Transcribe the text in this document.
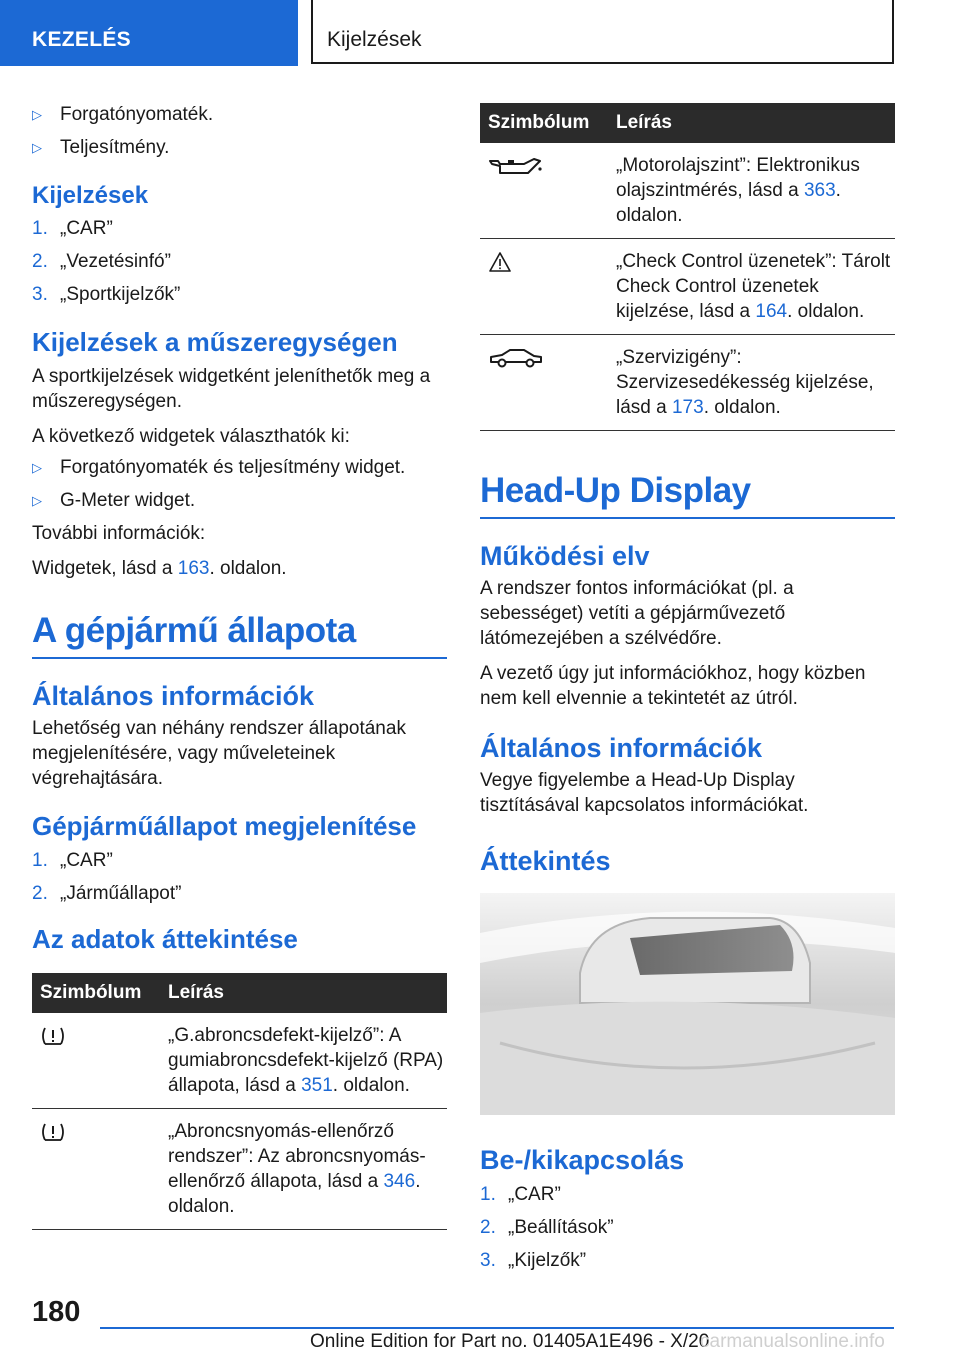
KEZELÉS	Kijelzések
▷ Forgatónyomaték.
▷ Teljesítmény.
Kijelzések
1. „CAR”
2. „Vezetésinfó”
3. „Sportkijelzők”
Kijelzések a műszeregységen

A sportkijelzések widgetként jeleníthetők meg a műszeregységen.

A következő widgetek választhatók ki:

▷ Forgatónyomaték és teljesítmény widget.
▷ G-Meter widget.

További információk:

Widgetek, lásd a 163. oldalon.

A gépjármű állapota
Általános információk

Lehetőség van néhány rendszer állapotának megjelenítésére, vagy műveleteinek végrehajtására.

Gépjárműállapot megjelenítése
1. „CAR”
2. „Járműállapot”
Az adatok áttekintése
Szimbólum	Leírás
	„G.abroncsdefekt-kijelző”: A gumiabroncsdefekt-kijelző (RPA) állapota, lásd a 351. oldalon.
	„Abroncsnyomás-ellenőrző rendszer”: Az abroncsnyomás-ellenőrző állapota, lásd a 346. oldalon.
Szimbólum	Leírás
	„Motorolajszint”: Elektronikus olajszintmérés, lásd a 363. oldalon.
	„Check Control üzenetek”: Tárolt Check Control üzenetek kijelzése, lásd a 164. oldalon.
	„Szervizigény”: Szervizesedékesség kijelzése, lásd a 173. oldalon.
Head-Up Display
Működési elv

A rendszer fontos információkat (pl. a sebességet) vetíti a gépjárművezető látómezejében a szélvédőre.

A vezető úgy jut információkhoz, hogy közben nem kell elvennie a tekintetét az útról.

Általános információk

Vegye figyelembe a Head-Up Display tisztításával kapcsolatos információkat.

Áttekintés
Be-/kikapcsolás
1. „CAR”
2. „Beállítások”
3. „Kijelzők”
180
Online Edition for Part no. 01405A1E496 - X/20
carmanualsonline.info
